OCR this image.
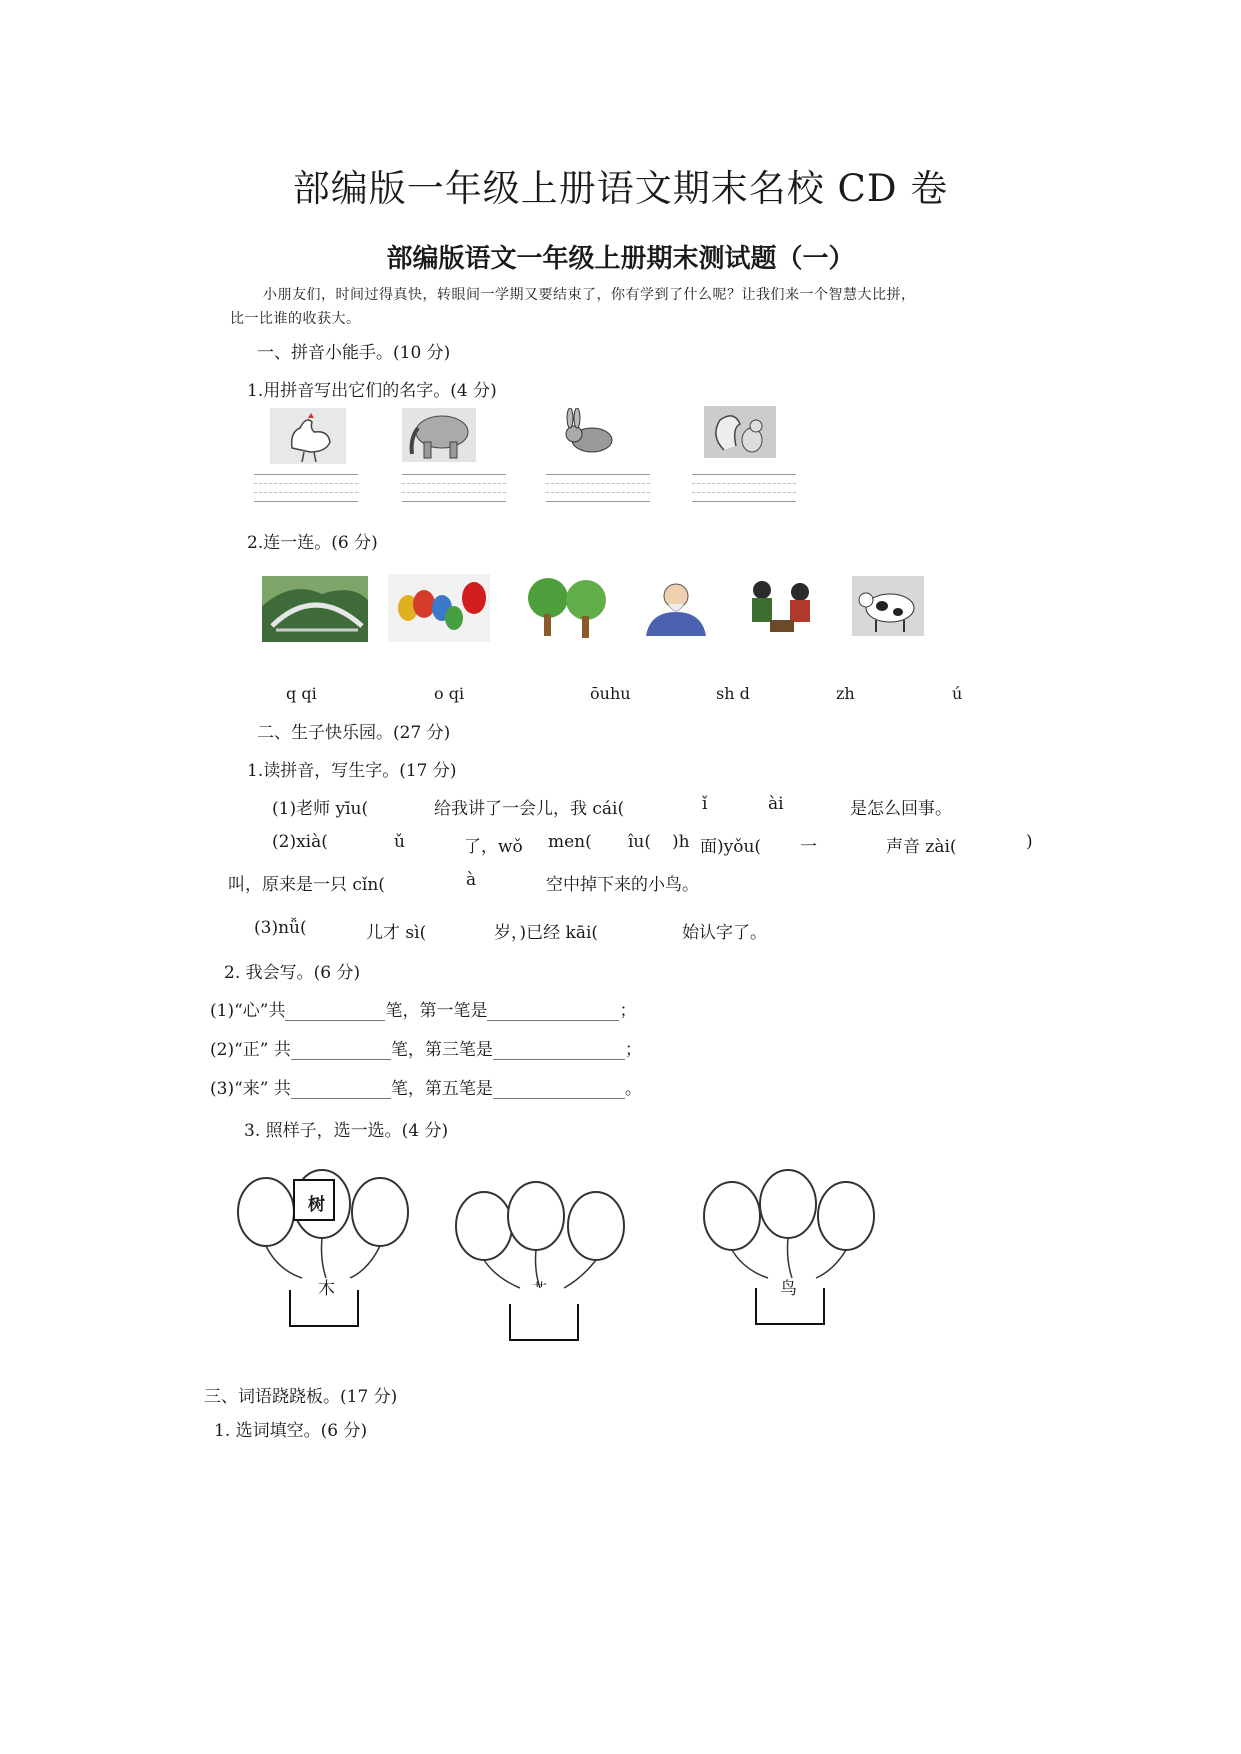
部编版一年级上册语文期末名校 CD 卷
部编版语文一年级上册期末测试题（一）
小朋友们，时间过得真快，转眼间一学期又要结束了，你有学到了什么呢？让我们来一个智慧大比拼，
比一比谁的收获大。
一、拼音小能手。(10 分)
1.用拼音写出它们的名字。(4 分)
2.连一连。(6 分)
q qi	o qi	ōuhu	sh d	zh	ú
二、生子快乐园。(27 分)
1.读拼音，写生字。(17 分)
(1)老师 yīu(	给我讲了一会儿，我 cái(	ǐ	ài	是怎么回事。
(2)xià(	ǔ	了，wǒ men( îu( )h 面)yǒu( 一	声音 zài(	)
叫，原来是一只 cǐn(	à	空中掉下来的小鸟。
(3)nǚ(	儿才 sì(	岁，)已经 kāi(	始认字了。
2. 我会写。(6 分)
(1)“心”共	笔，第一笔是	；
(2)“正” 共	笔，第三笔是	；
(3)“来” 共	笔，第五笔是	。
3. 照样子，选一选。(4 分)
树
木	艹	鸟
三、词语跷跷板。(17 分)
1. 选词填空。(6 分)
